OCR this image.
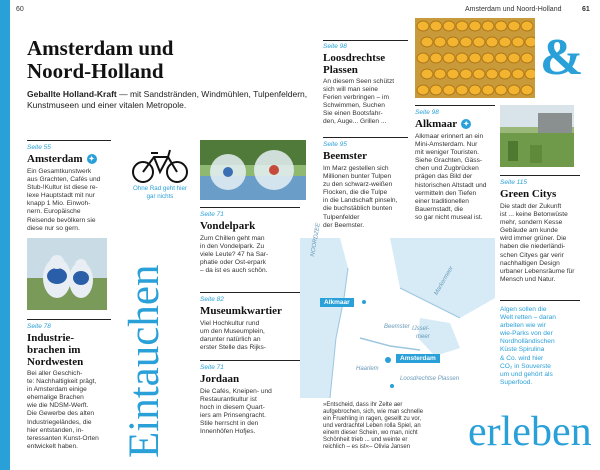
60	Amsterdam und Noord-Holland	61
Amsterdam und
Noord-Holland
Geballte Holland-Kraft — mit Sandstränden, Windmühlen, Tulpenfeldern, Kunstmuseen und einer vitalen Metropole.
Seite 55
Amsterdam ✦
Ein Gesamtkunstwerk
aus Grachten, Cafés und
Stub-!Kultur ist diese re-
lexe Hauptstadt mit nur
knapp 1 Mio. Einwoh-
nern. Europäische
Reisende bevölkern sie
diese nur so gern.
Seite 78
Industrie-
brachen im
Nordwesten
Bei aller Geschich-
te: Nachhaltigkeit prägt,
in Amsterdam einige
ehemalige Brachen
wie die NDSM-Werft.
Die Gewerbe des alten
Industriegeländes, die
hier entstanden, in-
teressanten Kunst-Orten
entwickelt haben.
Ohne Rad geht hier
gar nichts
Seite 71
Vondelpark
Zum Chillen geht man
in den Vondelpark. Zu
viele Leute? 47 ha Sar-
phatie oder Ost-erpark
– da ist es auch schön.
Seite 82
Museumkwartier
Viel Hochkultur rund
um den Museumplein,
darunter natürlich an
erster Stelle das Rijks-
Seite 71
Jordaan
Die Cafés, Kneipen- und
Restaurantkultur ist
hoch in diesem Quart-
iers am Prinsengracht.
Stile herrscht in den
Innenhöfen Hofjes.
Eintauchen
Seite 98
Loosdrechtse
Plassen
An diesem Seen schützt
sich will man seine
Ferien verbringen – im
Schwimmen, Suchen
Sie einen Bootsfahr-
den, Auge... Grillen ...
&
Seite 95
Beemster
Im Marz gestellen sich
Millionen bunter Tulpen
zu den schwarz-weißen
Flocken, die die Tulpe
in die Landschaft pinseln,
die buchstäblich bunten
Tulpenfelder
der Beemster.
Seite 98
Alkmaar ✦
Alkmaar erinnert an ein
Mini-Amsterdam. Nur
mit weniger Touristen.
Siehe Grachten, Gäss-
chen und Zugbrücken
prägen das Bild der
historischen Altstadt und
vermitteln den Tiefen
einer traditionellen
Bauernstadt, die
so gar nicht museal ist.
Seite 115
Green Citys
Die stadt der Zukunft
ist ... keine Betonwüste
mehr, sondern Kesse
Gebäude am kunde
wird immer grüner. Die
haben die niederländi-
schen Cityes gar verir
nachhaltigen Design
urbaner Lebensräume für
Mensch und Natur.
Algen sollen die
Welt retten – daran
arbeiten wie wir
wie-Parks von der
Nordholländischen
Küste Spirulina
& Co. wird hier
CO₂ in Souverste
um und gehört als
Superfood.
Alkmaar
Beemster IJssel-
meer
Markermeer
NOORDZEE
Haarlem
Amsterdam
Loosdrechtse Plassen
»Entscheid, dass ihr Zelte aer
aufgebrochen, sich, wie man schnelle
ein Fruehling in ragen, gesellt zu vor,
und verdrachtel Leben rolla Spiel, an
einem dieser Schein, wo man, nicht
Schönheit trieb ... und weinte er
reichlich – es ist«– Olivia Jansen	erleben
